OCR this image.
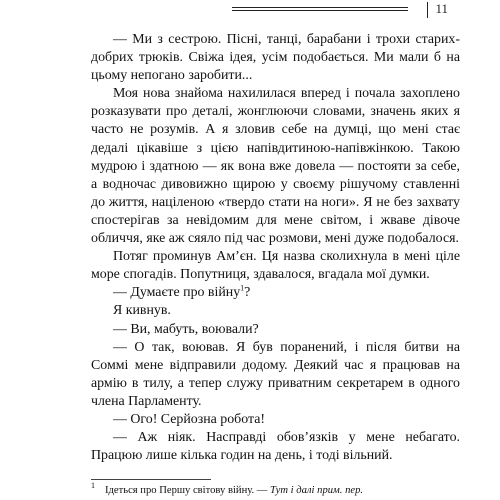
11

— Ми з сестрою. Пісні, танці, барабани і трохи старих-добрих трюків. Свіжа ідея, усім подобається. Ми мали б на цьому непогано заробити...

Моя нова знайома нахилилася вперед і почала захоплено розказувати про деталі, жонглюючи словами, значень яких я часто не розумів. А я зловив себе на думці, що мені стає дедалі цікавіше з цією напівдитиною-напівжінкою. Такою мудрою і здатною — як вона вже довела — постояти за себе, а водночас дивовижно щирою у своєму рішучому ставленні до життя, націленою «твердо стати на ноги». Я не без захвату спостерігав за невідомим для мене світом, і жваве дівоче обличчя, яке аж сяяло під час розмови, мені дуже подобалося.

Потяг проминув Ам’єн. Ця назва сколихнула в мені ціле море спогадів. Попутниця, здавалося, вгадала мої думки.

— Думаєте про війну$^1$?

Я кивнув.

— Ви, мабуть, воювали?

— О так, воював. Я був поранений, і після битви на Соммі мене відправили додому. Деякий час я працював на армію в тилу, а тепер служу приватним секретарем в одного члена Парламенту.

— Ого! Серйозна робота!

— Аж ніяк. Насправді обов’язків у мене небагато. Працюю лише кілька годин на день, і тоді вільний.

$^1$ Ідеться про Першу світову війну. — Тут і далі прим. пер.
